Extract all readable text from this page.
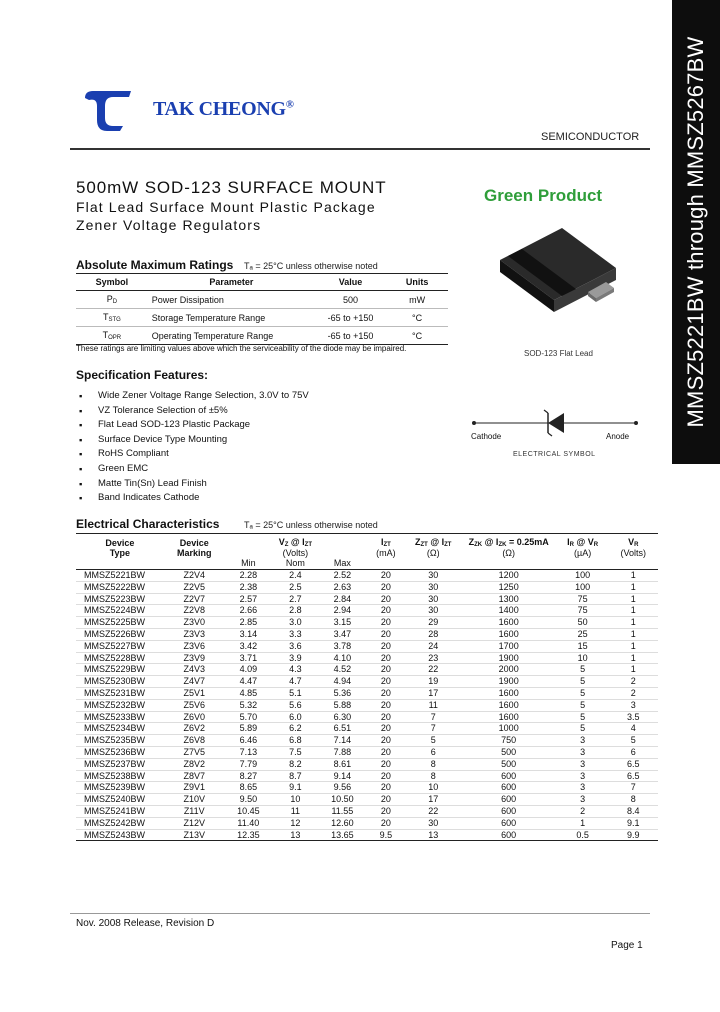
MMSZ5221BW through MMSZ5267BW
TAK CHEONG®
SEMICONDUCTOR
500mW SOD-123 SURFACE MOUNT
Flat Lead Surface Mount Plastic Package
Zener Voltage Regulators
Green Product
SOD-123 Flat Lead
Cathode	Anode
ELECTRICAL SYMBOL
Absolute Maximum Ratings Tₐ = 25°C unless otherwise noted
Symbol	Parameter	Value	Units
PD	Power Dissipation	500	mW
TSTG	Storage Temperature Range	-65 to +150	°C
TOPR	Operating Temperature Range	-65 to +150	°C
These ratings are limiting values above which the serviceability of the diode may be impaired.
Specification Features:
▪ Wide Zener Voltage Range Selection, 3.0V to 75V
▪ VZ Tolerance Selection of ±5%
▪ Flat Lead SOD-123 Plastic Package
▪ Surface Device Type Mounting
▪ RoHS Compliant
▪ Green EMC
▪ Matte Tin(Sn) Lead Finish
▪ Band Indicates Cathode
Electrical Characteristics	Tₐ = 25°C unless otherwise noted
Device
Type	Device
Marking	VZ @ IZT			IZT	ZZT @ IZT	ZZK @ IZK = 0.25mA	IR @ VR	VR
		(Volts)			(mA)	(Ω)	(Ω)	(µA)	(Volts)
		Min	Nom	Max					
MMSZ5221BW	Z2V4	2.28	2.4	2.52	20	30	1200	100	1
MMSZ5222BW	Z2V5	2.38	2.5	2.63	20	30	1250	100	1
MMSZ5223BW	Z2V7	2.57	2.7	2.84	20	30	1300	75	1
MMSZ5224BW	Z2V8	2.66	2.8	2.94	20	30	1400	75	1
MMSZ5225BW	Z3V0	2.85	3.0	3.15	20	29	1600	50	1
MMSZ5226BW	Z3V3	3.14	3.3	3.47	20	28	1600	25	1
MMSZ5227BW	Z3V6	3.42	3.6	3.78	20	24	1700	15	1
MMSZ5228BW	Z3V9	3.71	3.9	4.10	20	23	1900	10	1
MMSZ5229BW	Z4V3	4.09	4.3	4.52	20	22	2000	5	1
MMSZ5230BW	Z4V7	4.47	4.7	4.94	20	19	1900	5	2
MMSZ5231BW	Z5V1	4.85	5.1	5.36	20	17	1600	5	2
MMSZ5232BW	Z5V6	5.32	5.6	5.88	20	11	1600	5	3
MMSZ5233BW	Z6V0	5.70	6.0	6.30	20	7	1600	5	3.5
MMSZ5234BW	Z6V2	5.89	6.2	6.51	20	7	1000	5	4
MMSZ5235BW	Z6V8	6.46	6.8	7.14	20	5	750	3	5
MMSZ5236BW	Z7V5	7.13	7.5	7.88	20	6	500	3	6
MMSZ5237BW	Z8V2	7.79	8.2	8.61	20	8	500	3	6.5
MMSZ5238BW	Z8V7	8.27	8.7	9.14	20	8	600	3	6.5
MMSZ5239BW	Z9V1	8.65	9.1	9.56	20	10	600	3	7
MMSZ5240BW	Z10V	9.50	10	10.50	20	17	600	3	8
MMSZ5241BW	Z11V	10.45	11	11.55	20	22	600	2	8.4
MMSZ5242BW	Z12V	11.40	12	12.60	20	30	600	1	9.1
MMSZ5243BW	Z13V	12.35	13	13.65	9.5	13	600	0.5	9.9
Nov. 2008 Release, Revision D
Page 1
